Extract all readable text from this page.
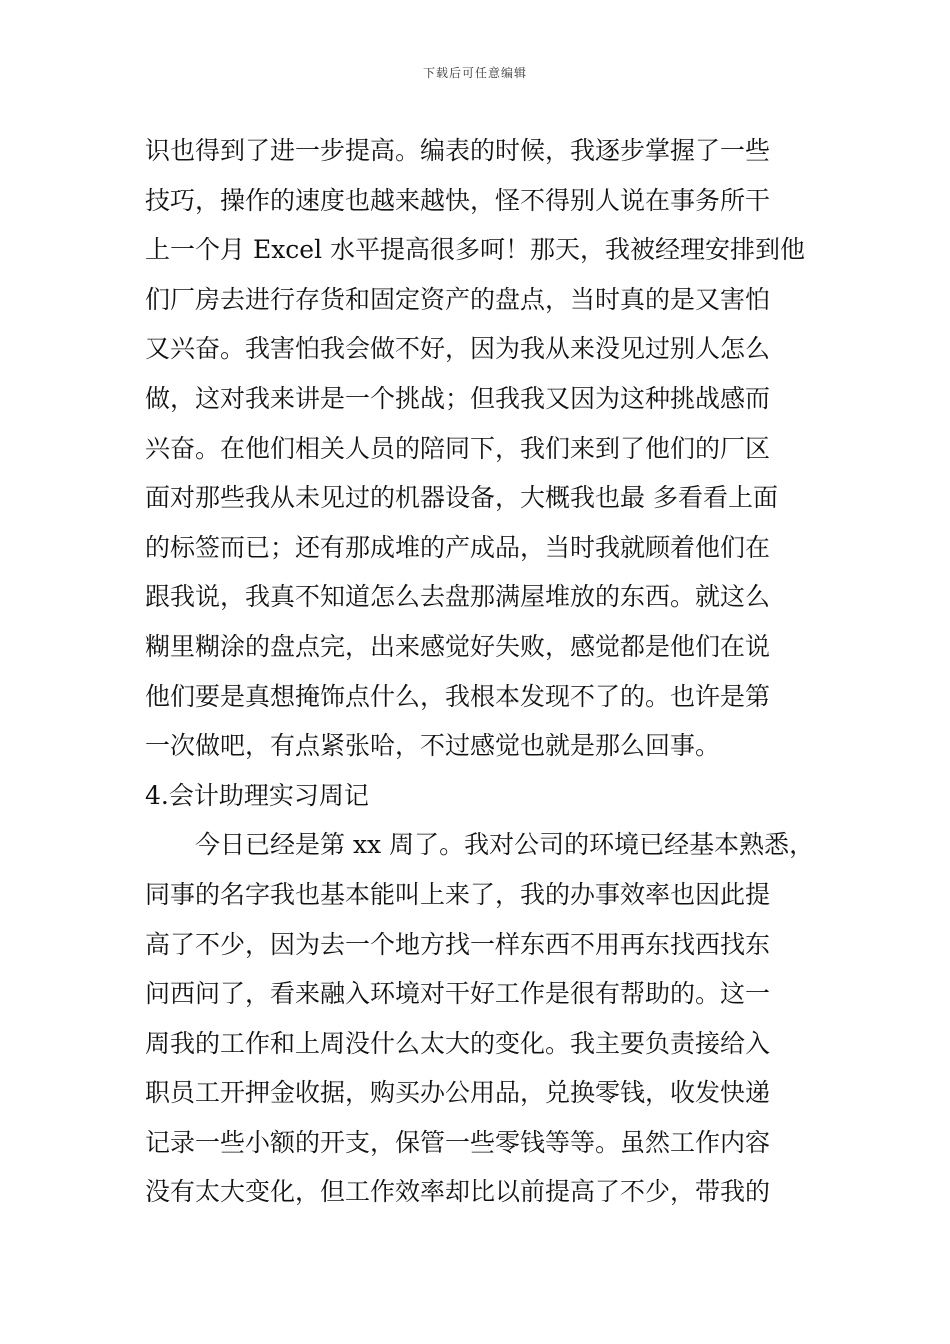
下载后可任意编辑
识也得到了进一步提高。编表的时候，我逐步掌握了一些
技巧，操作的速度也越来越快，怪不得别人说在事务所干
上一个月 Excel 水平提高很多呵！那天，我被经理安排到他
们厂房去进行存货和固定资产的盘点，当时真的是又害怕
又兴奋。我害怕我会做不好，因为我从来没见过别人怎么
做，这对我来讲是一个挑战；但我我又因为这种挑战感而
兴奋。在他们相关人员的陪同下，我们来到了他们的厂区
面对那些我从未见过的机器设备，大概我也最 多看看上面
的标签而已；还有那成堆的产成品，当时我就顾着他们在
跟我说，我真不知道怎么去盘那满屋堆放的东西。就这么
糊里糊涂的盘点完，出来感觉好失败，感觉都是他们在说
他们要是真想掩饰点什么，我根本发现不了的。也许是第
一次做吧，有点紧张哈，不过感觉也就是那么回事。
4.会计助理实习周记
今日已经是第 xx 周了。我对公司的环境已经基本熟悉，
同事的名字我也基本能叫上来了，我的办事效率也因此提
高了不少，因为去一个地方找一样东西不用再东找西找东
问西问了，看来融入环境对干好工作是很有帮助的。这一
周我的工作和上周没什么太大的变化。我主要负责接给入
职员工开押金收据，购买办公用品，兑换零钱，收发快递
记录一些小额的开支，保管一些零钱等等。虽然工作内容
没有太大变化，但工作效率却比以前提高了不少，带我的
